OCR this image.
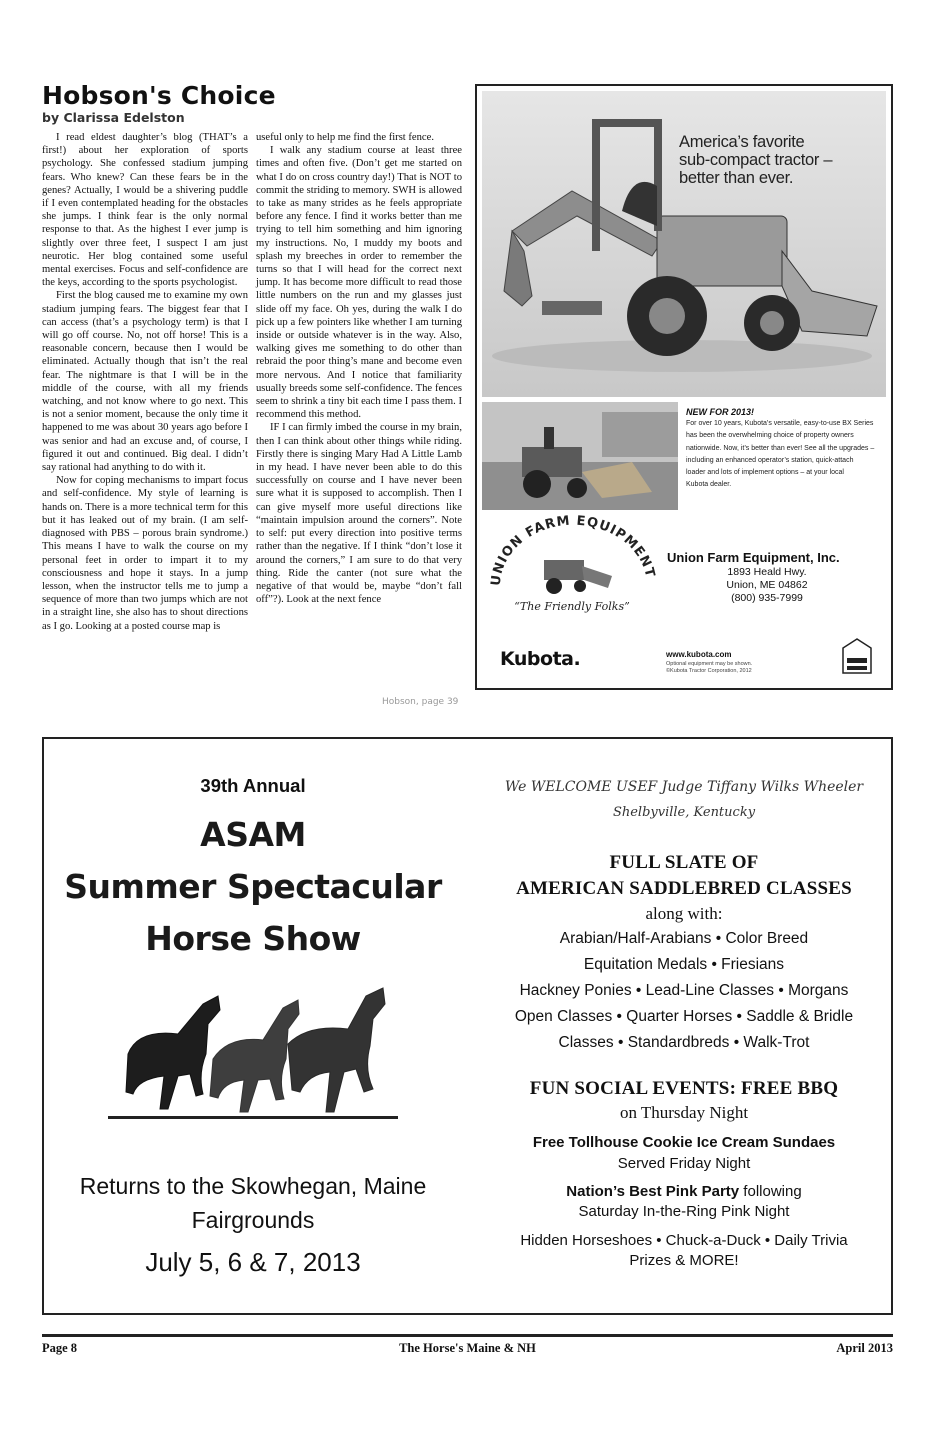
Hobson's Choice
by Clarissa Edelston

I read eldest daughter’s blog (THAT’s a first!) about her exploration of sports psychology. She confessed stadium jumping fears. Who knew? Can these fears be in the genes? Actually, I would be a shivering puddle if I even contemplated heading for the obstacles she jumps. I think fear is the only normal response to that. As the highest I ever jump is slightly over three feet, I suspect I am just neurotic. Her blog contained some useful mental exercises. Focus and self-confidence are the keys, according to the sports psychologist.

First the blog caused me to examine my own stadium jumping fears. The biggest fear that I can access (that’s a psychology term) is that I will go off course. No, not off horse! This is a reasonable concern, because then I would be eliminated. Actually though that isn’t the real fear. The nightmare is that I will be in the middle of the course, with all my friends watching, and not know where to go next. This is not a senior moment, because the only time it happened to me was about 30 years ago before I was senior and had an excuse and, of course, I figured it out and continued. Big deal. I didn’t say rational had anything to do with it.

Now for coping mechanisms to impart focus and self-confidence. My style of learning is hands on. There is a more technical term for this but it has leaked out of my brain. (I am self-diagnosed with PBS – porous brain syndrome.) This means I have to walk the course on my personal feet in order to impart it to my consciousness and hope it stays. In a jump lesson, when the instructor tells me to jump a sequence of more than two jumps which are not in a straight line, she also has to shout directions as I go. Looking at a posted course map is

useful only to help me find the first fence.

I walk any stadium course at least three times and often five. (Don’t get me started on what I do on cross country day!) That is NOT to commit the striding to memory. SWH is allowed to take as many strides as he feels appropriate before any fence. I find it works better than me trying to tell him something and him ignoring my instructions. No, I muddy my boots and splash my breeches in order to remember the turns so that I will head for the correct next jump. It has become more difficult to read those little numbers on the run and my glasses just slide off my face. Oh yes, during the walk I do pick up a few pointers like whether I am turning inside or outside whatever is in the way. Also, walking gives me something to do other than rebraid the poor thing’s mane and become even more nervous. And I notice that familiarity usually breeds some self-confidence. The fences seem to shrink a tiny bit each time I pass them. I recommend this method.

IF I can firmly imbed the course in my brain, then I can think about other things while riding. Firstly there is singing Mary Had A Little Lamb in my head. I have never been able to do this successfully on course and I have never been sure what it is supposed to accomplish. Then I can give myself more useful directions like “maintain impulsion around the corners”. Note to self: put every direction into positive terms rather than the negative. If I think “don’t lose it around the corners,” I am sure to do that very thing. Ride the canter (not sure what the negative of that would be, maybe “don’t fall off”?). Look at the next fence

Hobson, page 39
America’s favorite
sub-compact tractor –
better than ever.
NEW FOR 2013!
For over 10 years, Kubota’s versatile, easy-to-use BX Series
has been the overwhelming choice of property owners
nationwide. Now, it’s better than ever! See all the upgrades –
including an enhanced operator’s station, quick-attach
loader and lots of implement options – at your local
Kubota dealer.
UNION FARM EQUIPMENT
“The Friendly Folks”
Union Farm Equipment, Inc.
1893 Heald Hwy.
Union, ME 04862
(800) 935-7999
Kubota.	www.kubota.com
Optional equipment may be shown.
©Kubota Tractor Corporation, 2012
39th Annual
ASAM
Summer Spectacular
Horse Show
Returns to the Skowhegan, Maine
Fairgrounds
July 5, 6 & 7, 2013
We WELCOME USEF Judge Tiffany Wilks Wheeler
Shelbyville, Kentucky
FULL SLATE OF
AMERICAN SADDLEBRED CLASSES
along with:
Arabian/Half-Arabians • Color Breed
Equitation Medals • Friesians
Hackney Ponies • Lead-Line Classes • Morgans
Open Classes • Quarter Horses • Saddle & Bridle
Classes • Standardbreds • Walk-Trot
FUN SOCIAL EVENTS: FREE BBQ
on Thursday Night
Free Tollhouse Cookie Ice Cream Sundaes
Served Friday Night
Nation’s Best Pink Party following
Saturday In-the-Ring Pink Night
Hidden Horseshoes • Chuck-a-Duck • Daily Trivia
Prizes & MORE!
Page 8	The Horse's Maine & NH	April 2013
